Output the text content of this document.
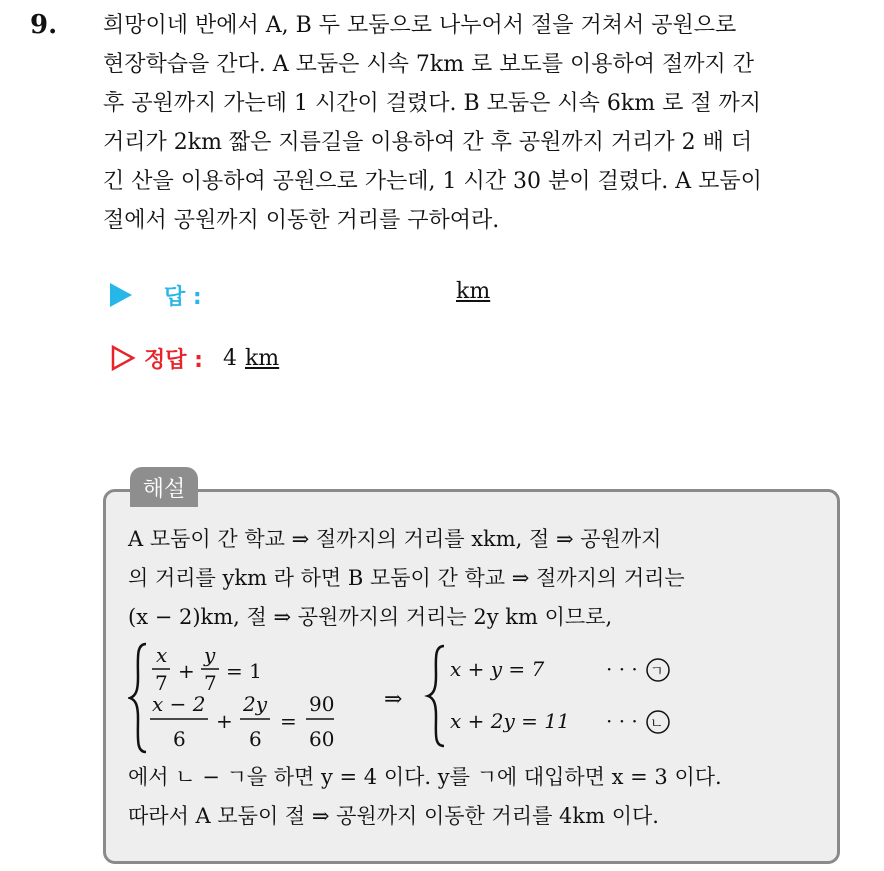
9. 희망이네 반에서 A, B 두 모둠으로 나누어서 절을 거쳐서 공원으로
현장학습을 간다. A 모둠은 시속 7km 로 보도를 이용하여 절까지 간
후 공원까지 가는데 1 시간이 걸렸다. B 모둠은 시속 6km 로 절 까지
거리가 2km 짧은 지름길을 이용하여 간 후 공원까지 거리가 2 배 더
긴 산을 이용하여 공원으로 가는데, 1 시간 30 분이 걸렸다. A 모둠이
절에서 공원까지 이동한 거리를 구하여라.
답 :	km
정답 : 4 km
해설
A 모둠이 간 학교 ⇒ 절까지의 거리를 xkm, 절 ⇒ 공원까지
의 거리를 ykm 라 하면 B 모둠이 간 학교 ⇒ 절까지의 거리는
(x − 2)km, 절 ⇒ 공원까지의 거리는 2y km 이므로,
x
7 +
y
7 = 1
x − 2
6
+
2y
6
=
90
60
⇒
x + y = 7	· · · ㄱ
x + 2y = 11 · · · ㄴ
에서 ㄴ − ㄱ을 하면 y = 4 이다. y를 ㄱ에 대입하면 x = 3 이다.
따라서 A 모둠이 절 ⇒ 공원까지 이동한 거리를 4km 이다.
